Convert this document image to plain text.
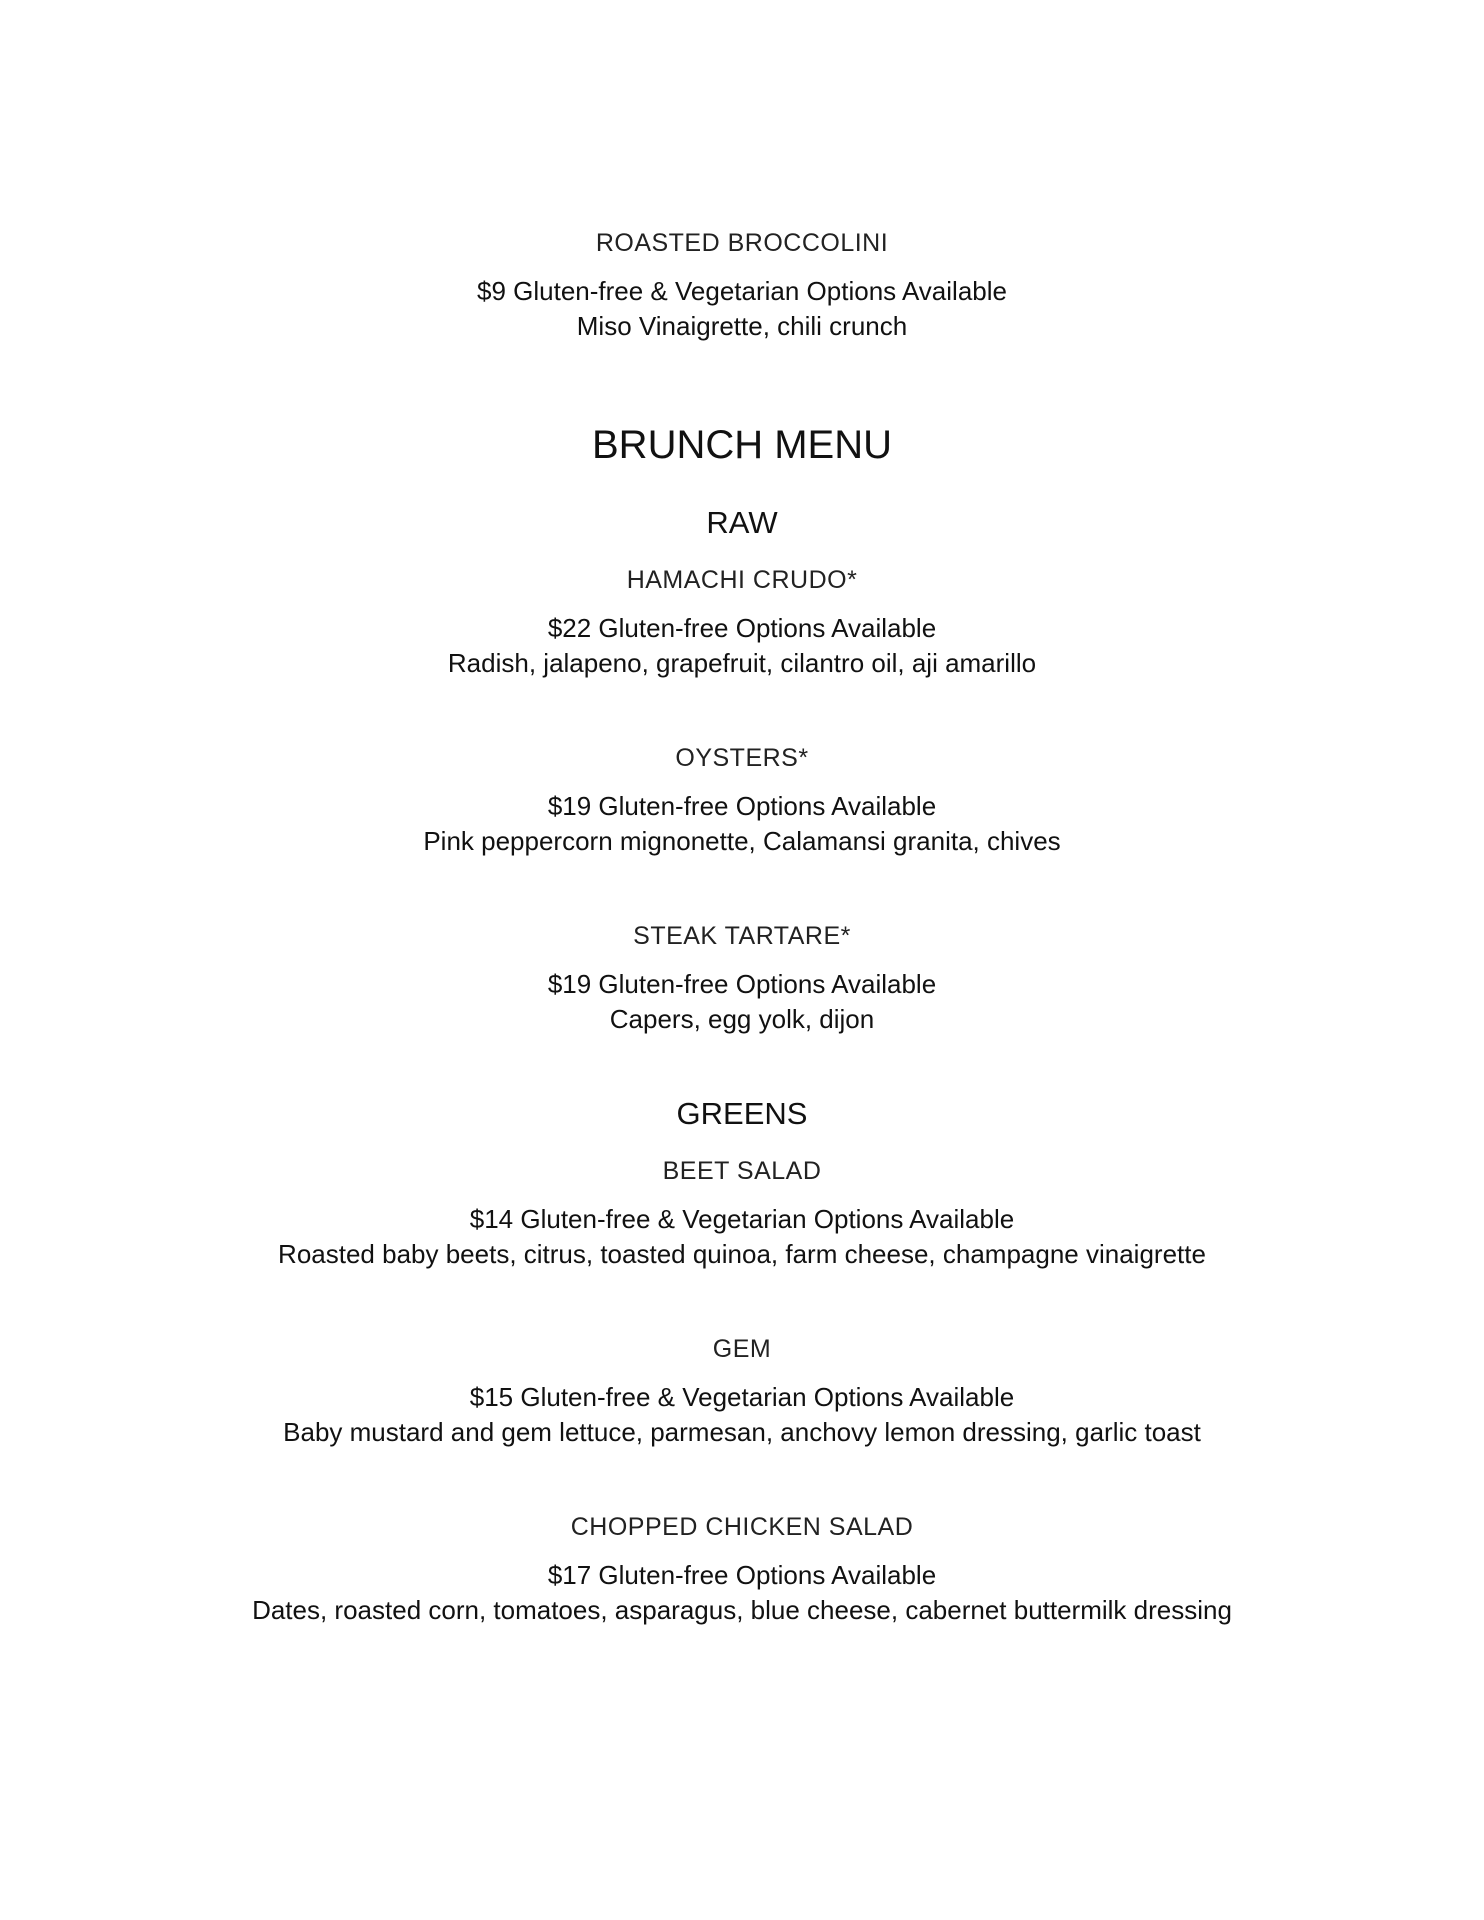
ROASTED BROCCOLINI

$9 Gluten-free & Vegetarian Options Available
Miso Vinaigrette, chili crunch
BRUNCH MENU
RAW

HAMACHI CRUDO*

$22 Gluten-free Options Available
Radish, jalapeno, grapefruit, cilantro oil, aji amarillo

OYSTERS*

$19 Gluten-free Options Available
Pink peppercorn mignonette, Calamansi granita, chives

STEAK TARTARE*

$19 Gluten-free Options Available
Capers, egg yolk, dijon
GREENS

BEET SALAD

$14 Gluten-free & Vegetarian Options Available
Roasted baby beets, citrus, toasted quinoa, farm cheese, champagne vinaigrette

GEM

$15 Gluten-free & Vegetarian Options Available
Baby mustard and gem lettuce, parmesan, anchovy lemon dressing, garlic toast

CHOPPED CHICKEN SALAD

$17 Gluten-free Options Available
Dates, roasted corn, tomatoes, asparagus, blue cheese, cabernet buttermilk dressing
